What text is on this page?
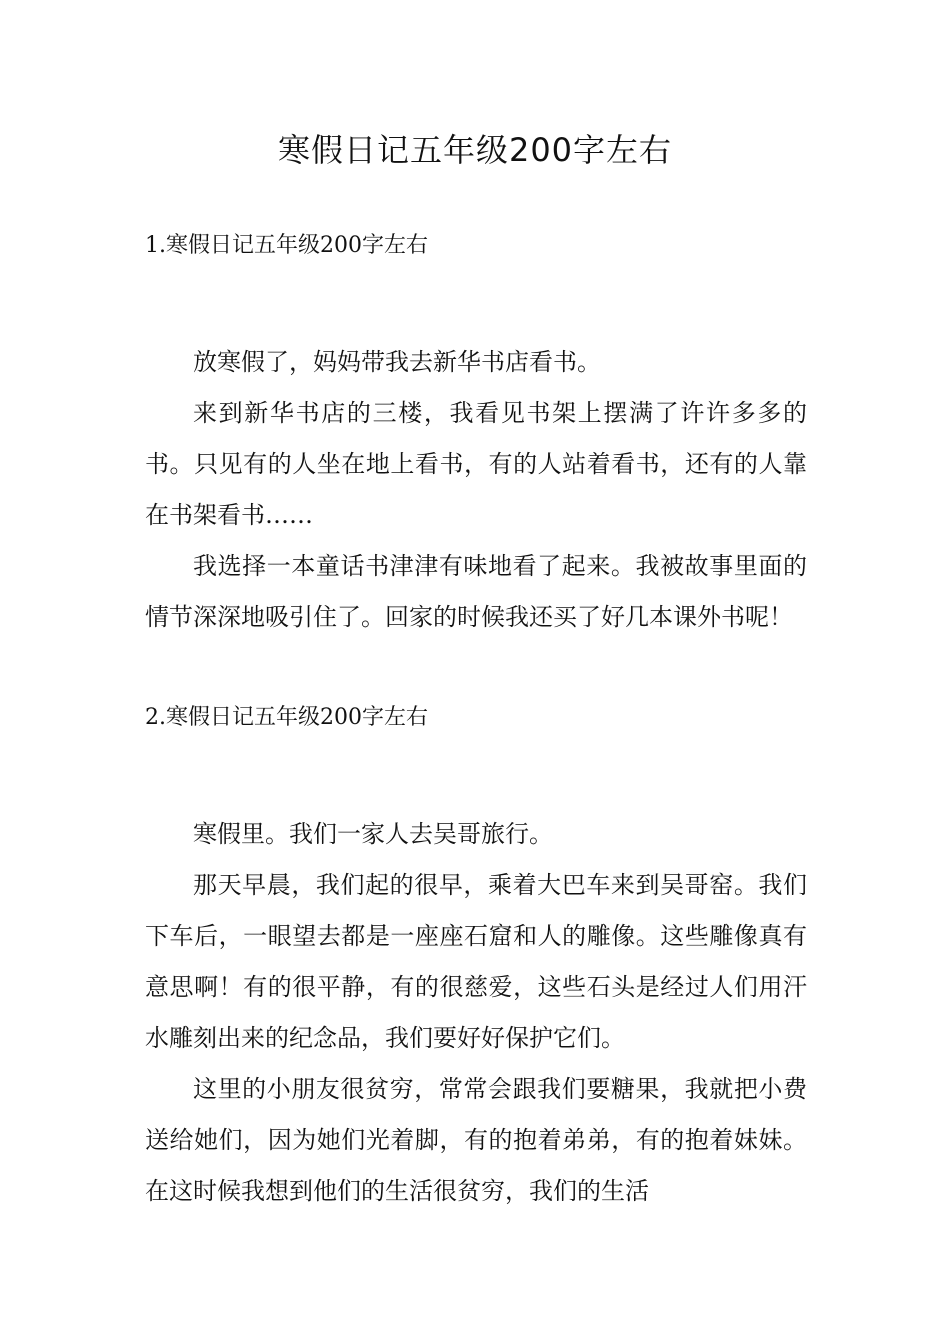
寒假日记五年级200字左右
1.寒假日记五年级200字左右

放寒假了，妈妈带我去新华书店看书。

来到新华书店的三楼，我看见书架上摆满了许许多多的书。只见有的人坐在地上看书，有的人站着看书，还有的人靠在书架看书……

我选择一本童话书津津有味地看了起来。我被故事里面的情节深深地吸引住了。回家的时候我还买了好几本课外书呢！

2.寒假日记五年级200字左右

寒假里。我们一家人去吴哥旅行。

那天早晨，我们起的很早，乘着大巴车来到吴哥窑。我们下车后，一眼望去都是一座座石窟和人的雕像。这些雕像真有意思啊！有的很平静，有的很慈爱，这些石头是经过人们用汗水雕刻出来的纪念品，我们要好好保护它们。

这里的小朋友很贫穷，常常会跟我们要糖果，我就把小费送给她们，因为她们光着脚，有的抱着弟弟，有的抱着妹妹。在这时候我想到他们的生活很贫穷，我们的生活
